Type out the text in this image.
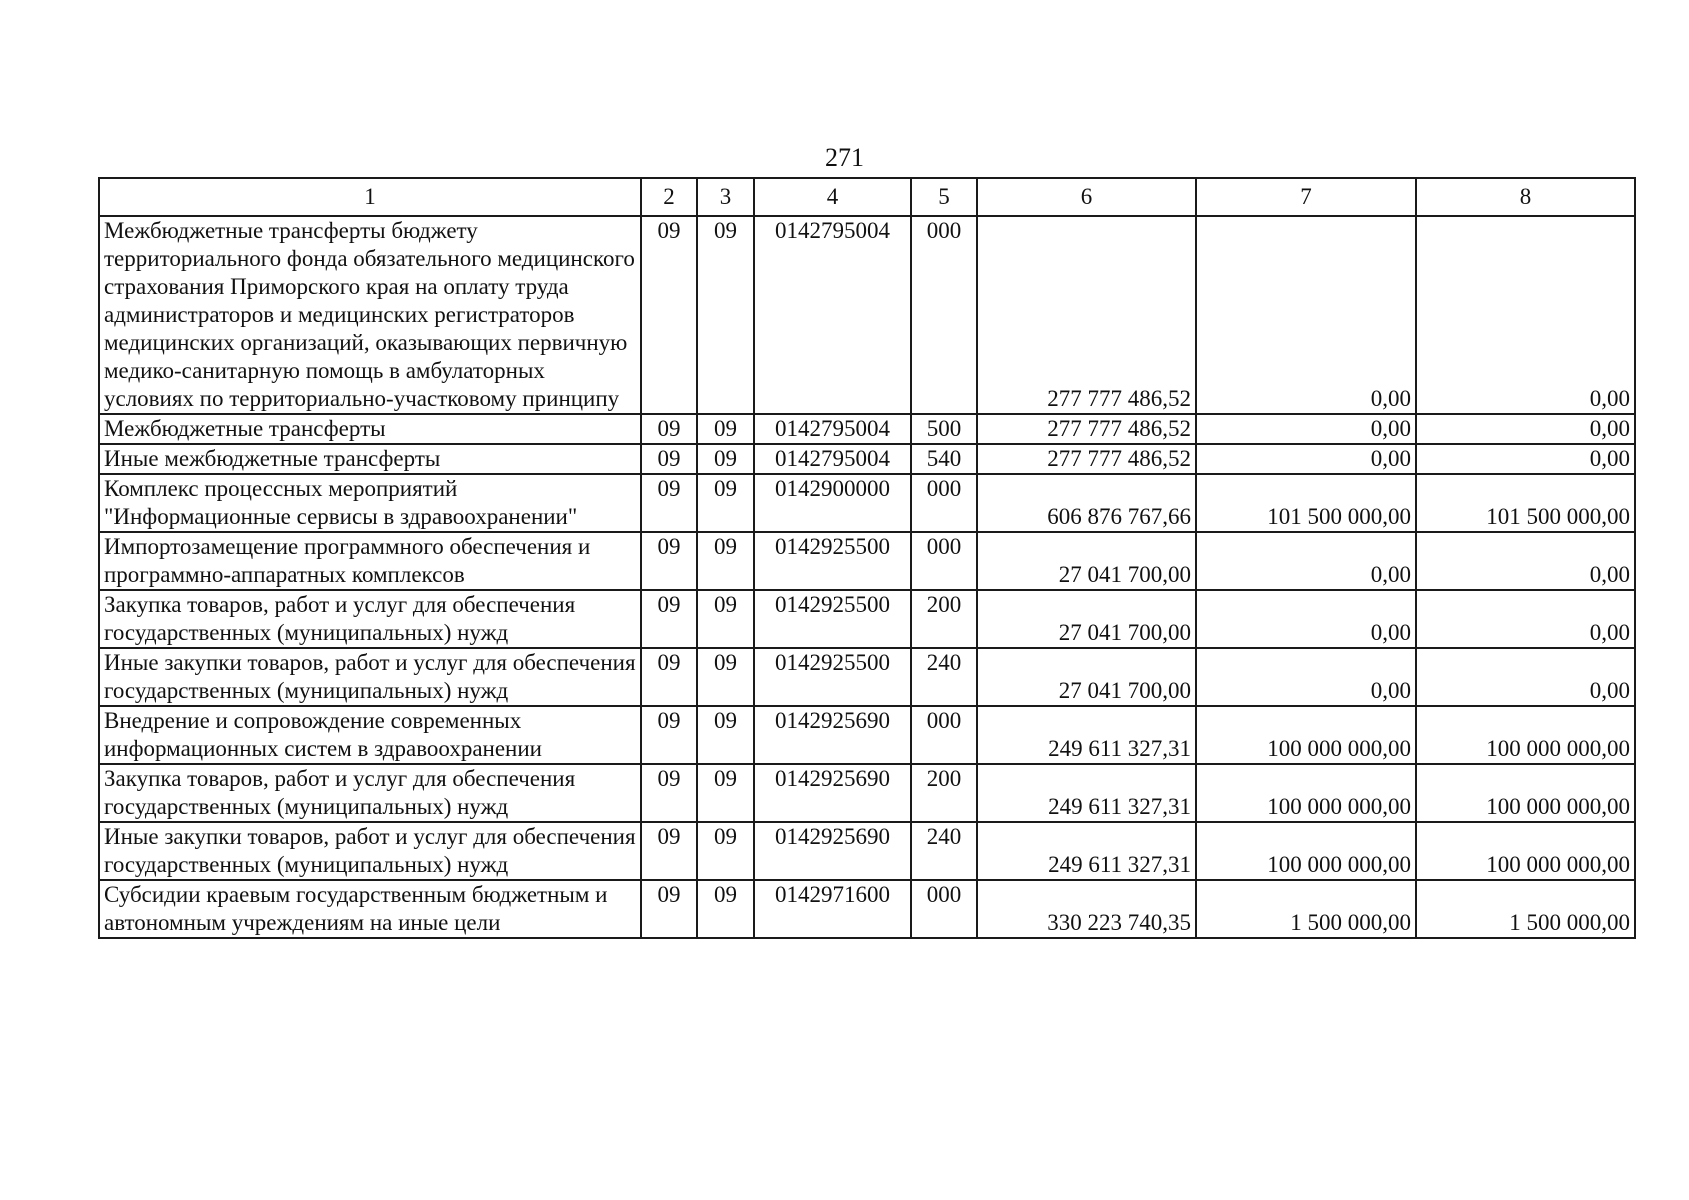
271
1	2	3	4	5	6	7	8
Межбюджетные трансферты бюджету территориального фонда обязательного медицинского страхования Приморского края на оплату труда администраторов и медицинских регистраторов медицинских организаций, оказывающих первичную медико-санитарную помощь в амбулаторных условиях по территориально-участковому принципу	09	09	0142795004	000	277 777 486,52	0,00	0,00
Межбюджетные трансферты	09	09	0142795004	500	277 777 486,52	0,00	0,00
Иные межбюджетные трансферты	09	09	0142795004	540	277 777 486,52	0,00	0,00
Комплекс процессных мероприятий "Информационные сервисы в здравоохранении"	09	09	0142900000	000	606 876 767,66	101 500 000,00	101 500 000,00
Импортозамещение программного обеспечения и программно-аппаратных комплексов	09	09	0142925500	000	27 041 700,00	0,00	0,00
Закупка товаров, работ и услуг для обеспечения государственных (муниципальных) нужд	09	09	0142925500	200	27 041 700,00	0,00	0,00
Иные закупки товаров, работ и услуг для обеспечения государственных (муниципальных) нужд	09	09	0142925500	240	27 041 700,00	0,00	0,00
Внедрение и сопровождение современных информационных систем в здравоохранении	09	09	0142925690	000	249 611 327,31	100 000 000,00	100 000 000,00
Закупка товаров, работ и услуг для обеспечения государственных (муниципальных) нужд	09	09	0142925690	200	249 611 327,31	100 000 000,00	100 000 000,00
Иные закупки товаров, работ и услуг для обеспечения государственных (муниципальных) нужд	09	09	0142925690	240	249 611 327,31	100 000 000,00	100 000 000,00
Субсидии краевым государственным бюджетным и автономным учреждениям на иные цели	09	09	0142971600	000	330 223 740,35	1 500 000,00	1 500 000,00
